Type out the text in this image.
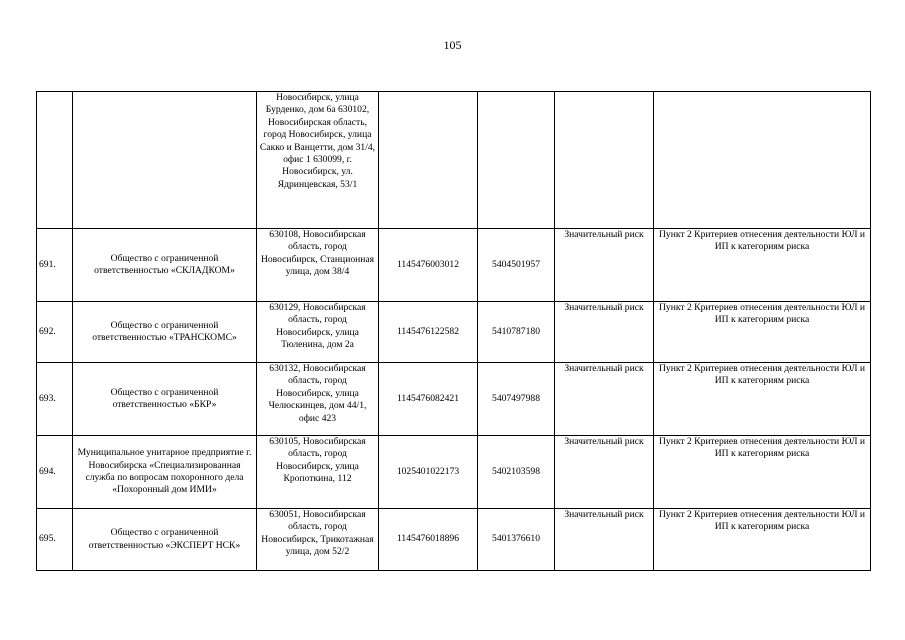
105
		Новосибирск, улица Бурденко, дом 6а 630102, Новосибирская область, город Новосибирск, улица Сакко и Ванцетти, дом 31/4, офис 1 630099, г. Новосибирск, ул. Ядринцевская, 53/1				
691.	Общество с ограниченной ответственностью «СКЛАДКОМ»	630108, Новосибирская область, город Новосибирск, Станционная улица, дом 38/4	1145476003012	5404501957	Значительный риск	Пункт 2 Критериев отнесения деятельности ЮЛ и ИП к категориям риска
692.	Общество с ограниченной ответственностью «ТРАНСКОМС»	630129, Новосибирская область, город Новосибирск, улица Тюленина, дом 2а	1145476122582	5410787180	Значительный риск	Пункт 2 Критериев отнесения деятельности ЮЛ и ИП к категориям риска
693.	Общество с ограниченной ответственностью «БКР»	630132, Новосибирская область, город Новосибирск, улица Челюскинцев, дом 44/1, офис 423	1145476082421	5407497988	Значительный риск	Пункт 2 Критериев отнесения деятельности ЮЛ и ИП к категориям риска
694.	Муниципальное унитарное предприятие г. Новосибирска «Специализированная служба по вопросам похоронного дела «Похоронный дом ИМИ»	630105, Новосибирская область, город Новосибирск, улица Кропоткина, 112	1025401022173	5402103598	Значительный риск	Пункт 2 Критериев отнесения деятельности ЮЛ и ИП к категориям риска
695.	Общество с ограниченной ответственностью «ЭКСПЕРТ НСК»	630051, Новосибирская область, город Новосибирск, Трикотажная улица, дом 52/2	1145476018896	5401376610	Значительный риск	Пункт 2 Критериев отнесения деятельности ЮЛ и ИП к категориям риска
